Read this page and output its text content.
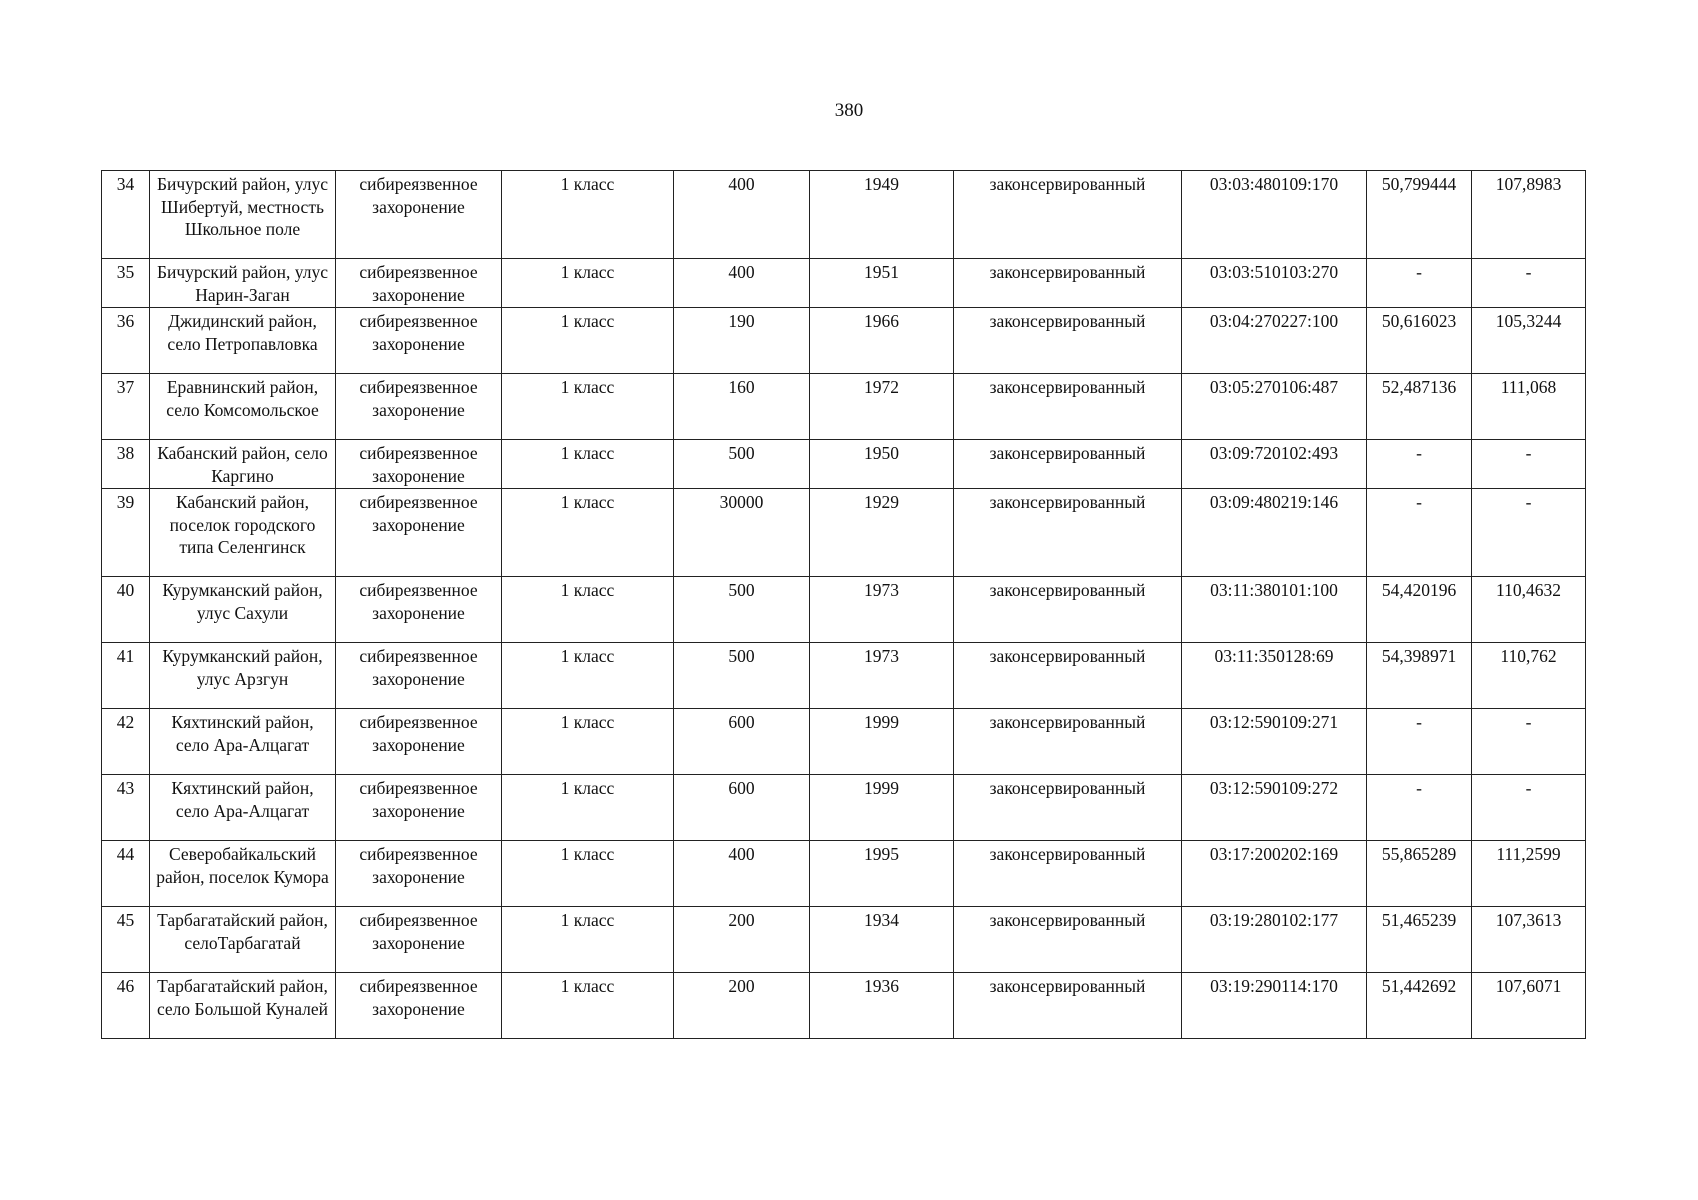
380
34	Бичурский район, улус Шибертуй, местность Школьное поле	сибиреязвенное захоронение	1 класс	400	1949	законсервированный	03:03:480109:170	50,799444	107,8983
35	Бичурский район, улус Нарин-Заган	сибиреязвенное захоронение	1 класс	400	1951	законсервированный	03:03:510103:270	-	-
36	Джидинский район, село Петропавловка	сибиреязвенное захоронение	1 класс	190	1966	законсервированный	03:04:270227:100	50,616023	105,3244
37	Еравнинский район, село Комсомольское	сибиреязвенное захоронение	1 класс	160	1972	законсервированный	03:05:270106:487	52,487136	111,068
38	Кабанский район, село Каргино	сибиреязвенное захоронение	1 класс	500	1950	законсервированный	03:09:720102:493	-	-
39	Кабанский район, поселок городского типа Селенгинск	сибиреязвенное захоронение	1 класс	30000	1929	законсервированный	03:09:480219:146	-	-
40	Курумканский район, улус Сахули	сибиреязвенное захоронение	1 класс	500	1973	законсервированный	03:11:380101:100	54,420196	110,4632
41	Курумканский район, улус Арзгун	сибиреязвенное захоронение	1 класс	500	1973	законсервированный	03:11:350128:69	54,398971	110,762
42	Кяхтинский район, село Ара-Алцагат	сибиреязвенное захоронение	1 класс	600	1999	законсервированный	03:12:590109:271	-	-
43	Кяхтинский район, село Ара-Алцагат	сибиреязвенное захоронение	1 класс	600	1999	законсервированный	03:12:590109:272	-	-
44	Северобайкальский район, поселок Кумора	сибиреязвенное захоронение	1 класс	400	1995	законсервированный	03:17:200202:169	55,865289	111,2599
45	Тарбагатайский район, селоТарбагатай	сибиреязвенное захоронение	1 класс	200	1934	законсервированный	03:19:280102:177	51,465239	107,3613
46	Тарбагатайский район, село Большой Куналей	сибиреязвенное захоронение	1 класс	200	1936	законсервированный	03:19:290114:170	51,442692	107,6071
